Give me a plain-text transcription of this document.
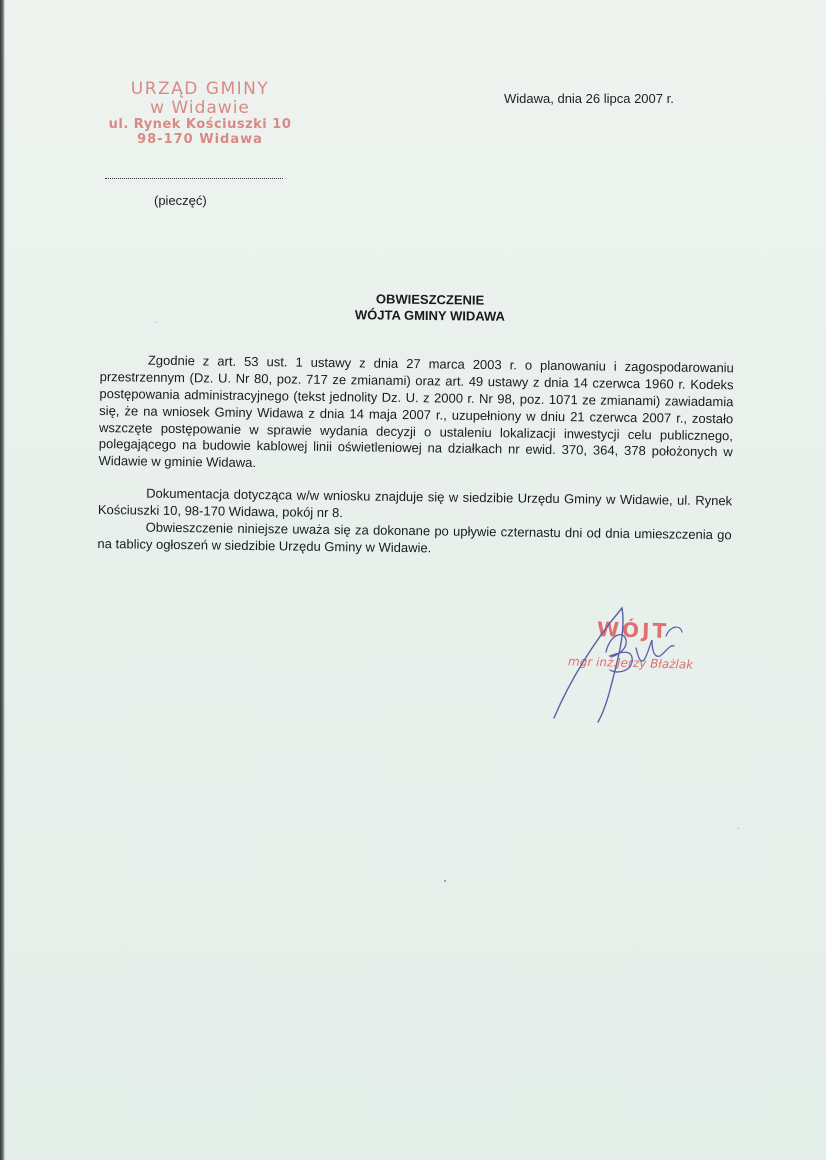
URZĄD GMINY
w Widawie
ul. Rynek Kościuszki 10
98-170 Widawa
(pieczęć)
Widawa, dnia 26 lipca 2007 r.
OBWIESZCZENIE
WÓJTA GMINY WIDAWA

Zgodnie z art. 53 ust. 1 ustawy z dnia 27 marca 2003 r. o planowaniu i zagospodarowaniu przestrzennym (Dz. U. Nr 80, poz. 717 ze zmianami) oraz art. 49 ustawy z dnia 14 czerwca 1960 r. Kodeks postępowania administracyjnego (tekst jednolity Dz. U. z 2000 r. Nr 98, poz. 1071 ze zmianami) zawiadamia się, że na wniosek Gminy Widawa z dnia 14 maja 2007 r., uzupełniony w dniu 21 czerwca 2007 r., zostało wszczęte postępowanie w sprawie wydania decyzji o ustaleniu lokalizacji inwestycji celu publicznego, polegającego na budowie kablowej linii oświetleniowej na działkach nr ewid. 370, 364, 378 położonych w Widawie w gminie Widawa.

Dokumentacja dotycząca w/w wniosku znajduje się w siedzibie Urzędu Gminy w Widawie, ul. Rynek Kościuszki 10, 98-170 Widawa, pokój nr 8.

Obwieszczenie niniejsze uważa się za dokonane po upływie czternastu dni od dnia umieszczenia go na tablicy ogłoszeń w siedzibie Urzędu Gminy w Widawie.

WÓJT
mgr inż.Jerzy Błażlak
